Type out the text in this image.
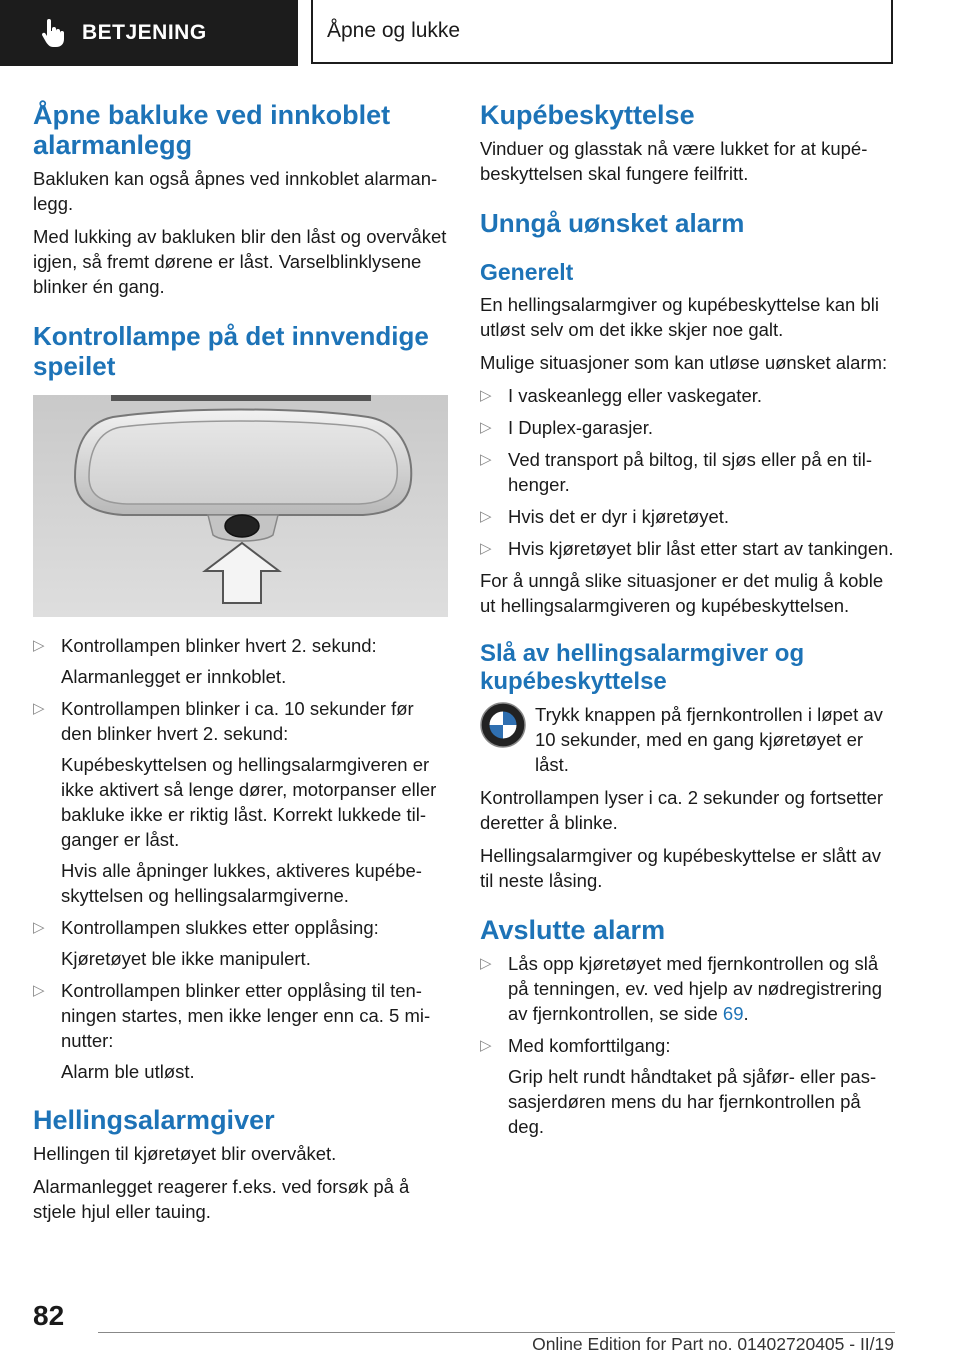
BETJENING	Åpne og lukke
Åpne bakluke ved innkoblet alarmanlegg

Bakluken kan også åpnes ved innkoblet alarmanlegg.

Med lukking av bakluken blir den låst og overvåket igjen, så fremt dørene er låst. Varselblinklysene blinker én gang.

Kontrollampe på det innvendige speilet
▷ Kontrollampen blinker hvert 2. sekund:

Alarmanlegget er innkoblet.

▷ Kontrollampen blinker i ca. 10 sekunder før den blinker hvert 2. sekund:

Kupébeskyttelsen og hellingsalarmgiveren er ikke aktivert så lenge dører, motorpanser eller bakluke ikke er riktig låst. Korrekt lukkede tilganger er låst.

Hvis alle åpninger lukkes, aktiveres kupébeskyttelsen og hellingsalarmgiverne.

▷ Kontrollampen slukkes etter opplåsing:

Kjøretøyet ble ikke manipulert.

▷ Kontrollampen blinker etter opplåsing til tenningen startes, men ikke lenger enn ca. 5 minutter:

Alarm ble utløst.

Hellingsalarmgiver

Hellingen til kjøretøyet blir overvåket.

Alarmanlegget reagerer f.eks. ved forsøk på å stjele hjul eller tauing.

Kupébeskyttelse

Vinduer og glasstak nå være lukket for at kupébeskyttelsen skal fungere feilfritt.

Unngå uønsket alarm
Generelt

En hellingsalarmgiver og kupébeskyttelse kan bli utløst selv om det ikke skjer noe galt.

Mulige situasjoner som kan utløse uønsket alarm:

▷ I vaskeanlegg eller vaskegater.
▷ I Duplex-garasjer.
▷ Ved transport på biltog, til sjøs eller på en tilhenger.
▷ Hvis det er dyr i kjøretøyet.
▷ Hvis kjøretøyet blir låst etter start av tankingen.

For å unngå slike situasjoner er det mulig å koble ut hellingsalarmgiveren og kupébeskyttelsen.

Slå av hellingsalarmgiver og kupébeskyttelse

Trykk knappen på fjernkontrollen i løpet av 10 sekunder, med en gang kjøretøyet er låst.

Kontrollampen lyser i ca. 2 sekunder og fortsetter deretter å blinke.

Hellingsalarmgiver og kupébeskyttelse er slått av til neste låsing.

Avslutte alarm
▷ Lås opp kjøretøyet med fjernkontrollen og slå på tenningen, ev. ved hjelp av nødregistrering av fjernkontrollen, se side 69.
▷ Med komforttilgang:

Grip helt rundt håndtaket på sjåfør- eller passasjerdøren mens du har fjernkontrollen på deg.

82
Online Edition for Part no. 01402720405 - II/19
